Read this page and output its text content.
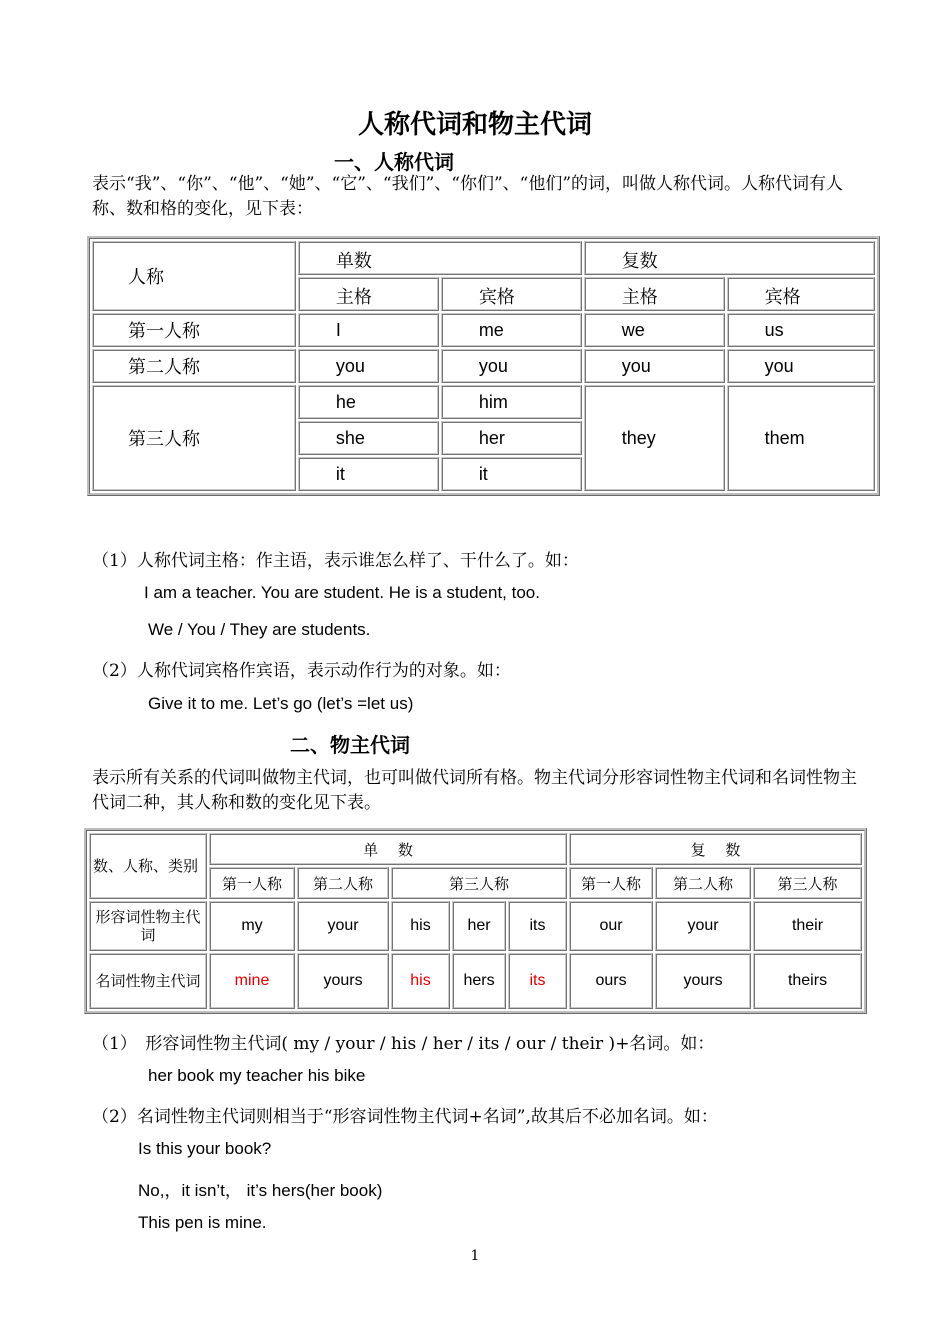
人称代词和物主代词
一、人称代词
表示“我”、“你”、“他”、“她”、“它”、“我们”、“你们”、“他们”的词，叫做人称代词。人称代词有人称、数和格的变化，见下表：
人称	单数		复数	
	主格	宾格	主格	宾格
第一人称	I	me	we	us
第二人称	you	you	you	you
第三人称	he	him	they	them
	she	her		
	it	it		
（1）人称代词主格：作主语，表示谁怎么样了、干什么了。如：
I am a teacher. You are student. He is a student, too.
We / You / They are students.
（2）人称代词宾格作宾语，表示动作行为的对象。如：
Give it to me. Let’s go (let’s =let us)
二、物主代词
表示所有关系的代词叫做物主代词，也可叫做代词所有格。物主代词分形容词性物主代词和名词性物主代词二种，其人称和数的变化见下表。
数、人称、类别	单　 数					复　 数		
	第一人称	第二人称	第三人称			第一人称	第二人称	第三人称
形容词性物主代词	my	your	his	her	its	our	your	their
名词性物主代词	mine	yours	his	hers	its	ours	yours	theirs
（1）　形容词性物主代词( my / your / his / her / its / our / their )+名词。如：
her book my teacher his bike
（2）名词性物主代词则相当于“形容词性物主代词+名词”,故其后不必加名词。如：
Is this your book?
No,，it isn’t， it’s hers(her book)
This pen is mine.
1
